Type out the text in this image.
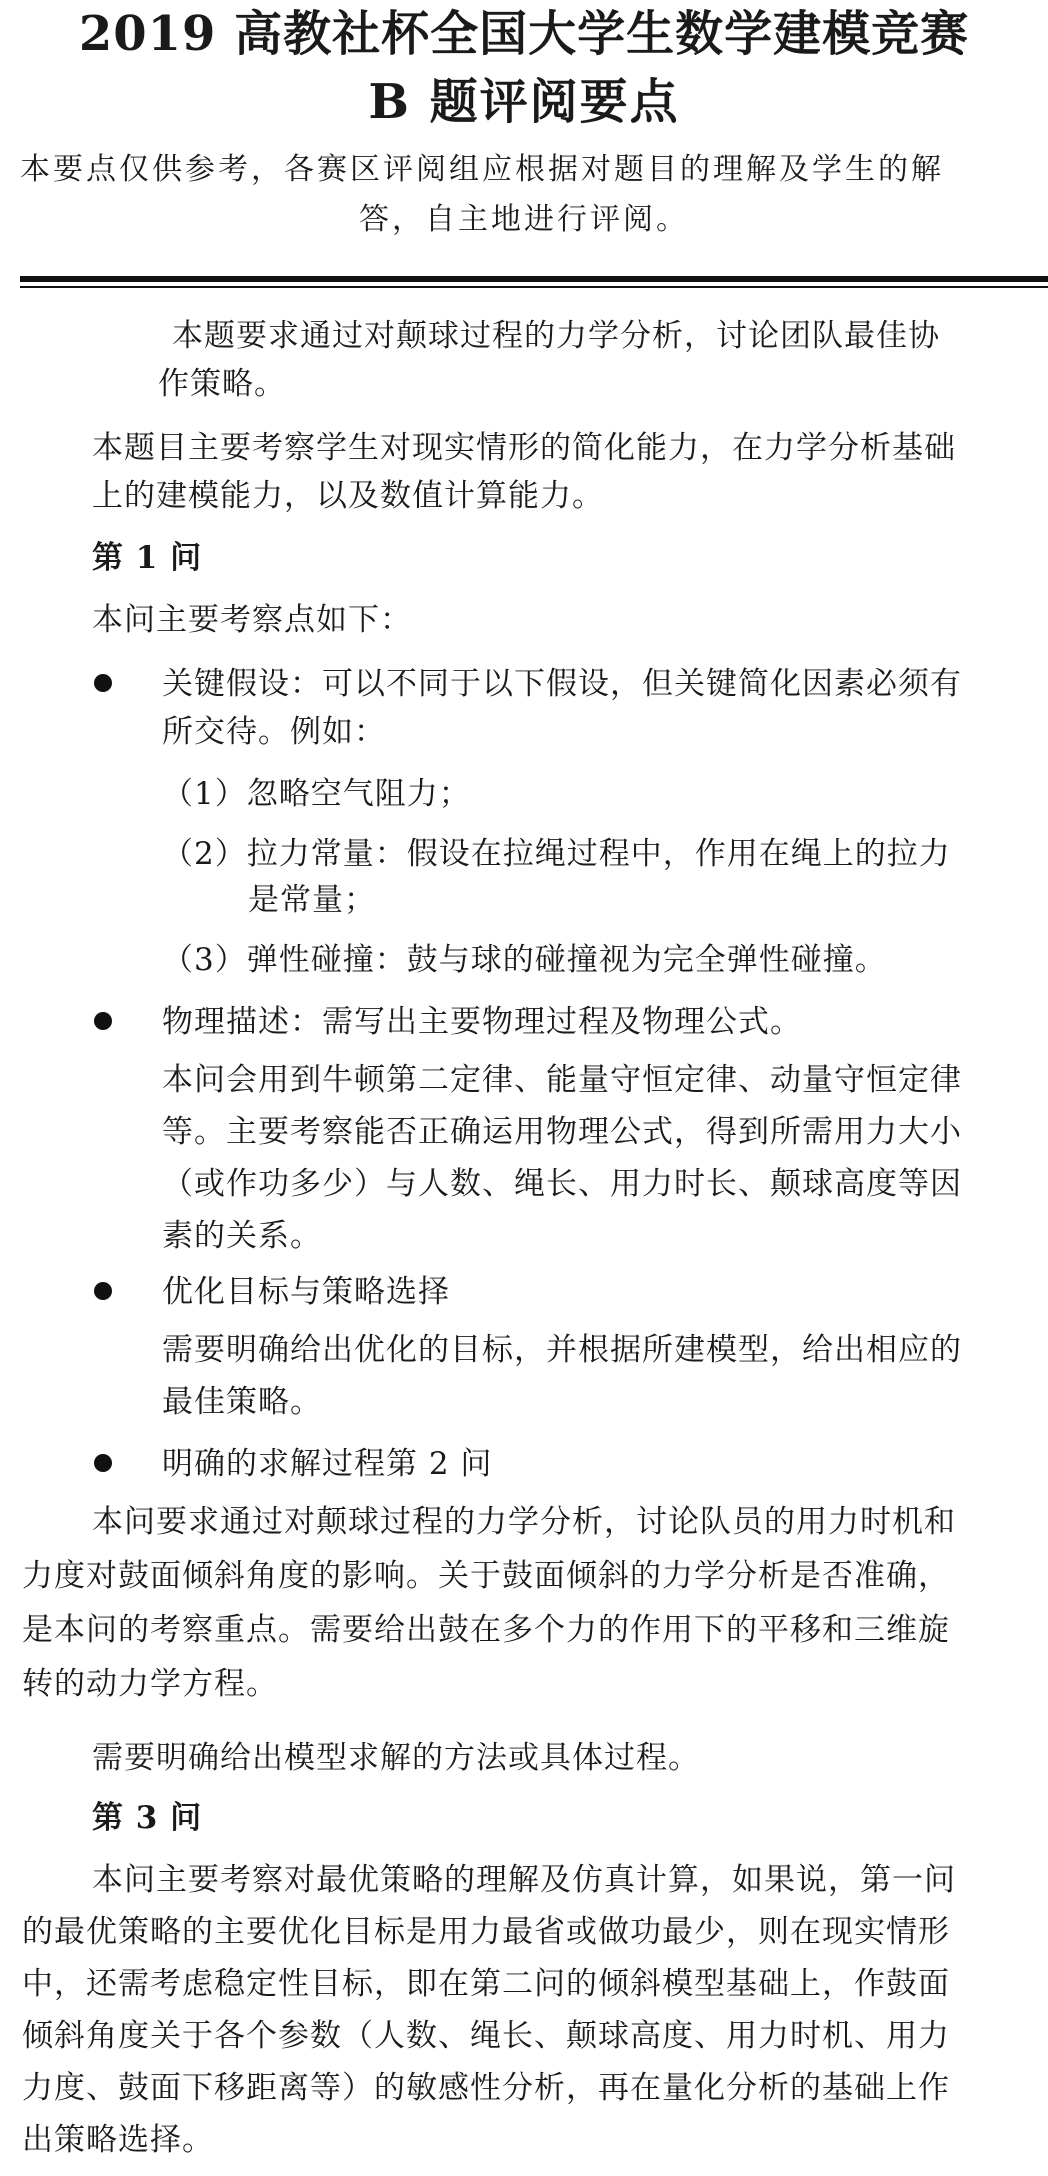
2019 高教社杯全国大学生数学建模竞赛
B 题评阅要点
本要点仅供参考，各赛区评阅组应根据对题目的理解及学生的解
答，自主地进行评阅。
本题要求通过对颠球过程的力学分析，讨论团队最佳协
作策略。
本题目主要考察学生对现实情形的简化能力，在力学分析基础
上的建模能力，以及数值计算能力。
第 1 问
本问主要考察点如下：
关键假设：可以不同于以下假设，但关键简化因素必须有
所交待。例如：
（1）忽略空气阻力；
（2）拉力常量：假设在拉绳过程中，作用在绳上的拉力
是常量；
（3）弹性碰撞：鼓与球的碰撞视为完全弹性碰撞。
物理描述：需写出主要物理过程及物理公式。
本问会用到牛顿第二定律、能量守恒定律、动量守恒定律
等。主要考察能否正确运用物理公式，得到所需用力大小
（或作功多少）与人数、绳长、用力时长、颠球高度等因
素的关系。
优化目标与策略选择
需要明确给出优化的目标，并根据所建模型，给出相应的
最佳策略。
明确的求解过程第 2 问
本问要求通过对颠球过程的力学分析，讨论队员的用力时机和
力度对鼓面倾斜角度的影响。关于鼓面倾斜的力学分析是否准确，
是本问的考察重点。需要给出鼓在多个力的作用下的平移和三维旋
转的动力学方程。
需要明确给出模型求解的方法或具体过程。
第 3 问
本问主要考察对最优策略的理解及仿真计算，如果说，第一问
的最优策略的主要优化目标是用力最省或做功最少，则在现实情形
中，还需考虑稳定性目标，即在第二问的倾斜模型基础上，作鼓面
倾斜角度关于各个参数（人数、绳长、颠球高度、用力时机、用力
力度、鼓面下移距离等）的敏感性分析，再在量化分析的基础上作
出策略选择。
